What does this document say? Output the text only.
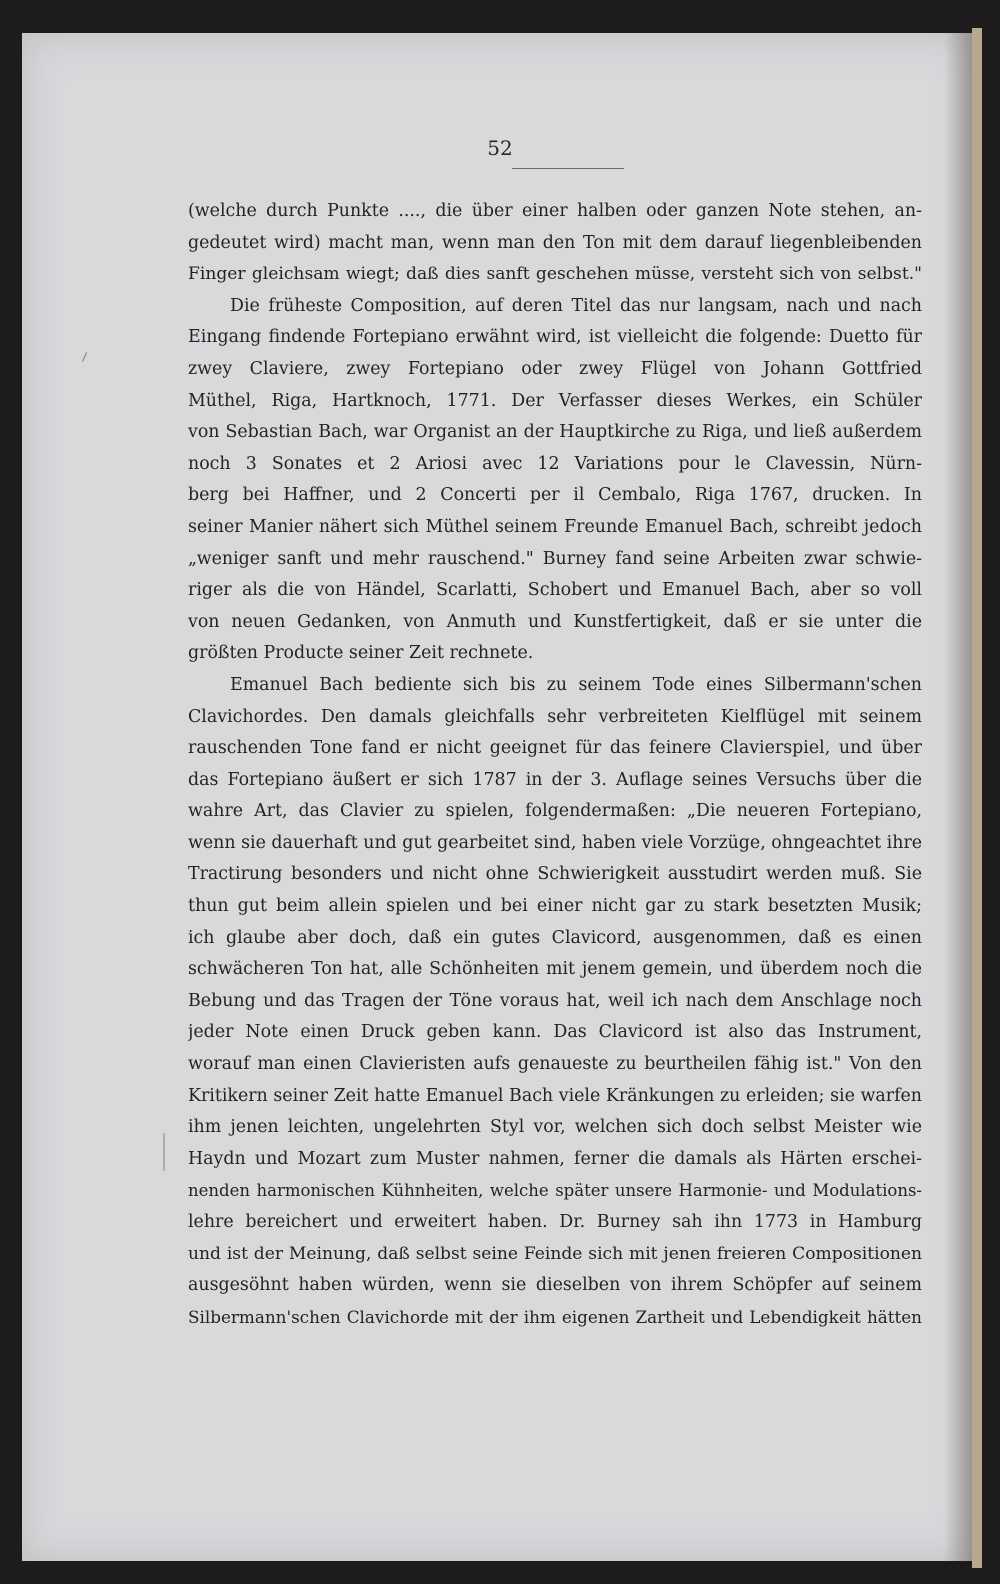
52
(welche durch Punkte ...., die über einer halben oder ganzen Note stehen, an-
gedeutet wird) macht man, wenn man den Ton mit dem darauf liegenbleibenden
Finger gleichsam wiegt; daß dies sanft geschehen müsse, versteht sich von selbst."
Die früheste Composition, auf deren Titel das nur langsam, nach und nach
Eingang findende Fortepiano erwähnt wird, ist vielleicht die folgende: Duetto für
zwey Claviere, zwey Fortepiano oder zwey Flügel von Johann Gottfried
Müthel, Riga, Hartknoch, 1771. Der Verfasser dieses Werkes, ein Schüler
von Sebastian Bach, war Organist an der Hauptkirche zu Riga, und ließ außerdem
noch 3 Sonates et 2 Ariosi avec 12 Variations pour le Clavessin, Nürn-
berg bei Haffner, und 2 Concerti per il Cembalo, Riga 1767, drucken. In
seiner Manier nähert sich Müthel seinem Freunde Emanuel Bach, schreibt jedoch
„weniger sanft und mehr rauschend." Burney fand seine Arbeiten zwar schwie-
riger als die von Händel, Scarlatti, Schobert und Emanuel Bach, aber so voll
von neuen Gedanken, von Anmuth und Kunstfertigkeit, daß er sie unter die
größten Producte seiner Zeit rechnete.
Emanuel Bach bediente sich bis zu seinem Tode eines Silbermann'schen
Clavichordes. Den damals gleichfalls sehr verbreiteten Kielflügel mit seinem
rauschenden Tone fand er nicht geeignet für das feinere Clavierspiel, und über
das Fortepiano äußert er sich 1787 in der 3. Auflage seines Versuchs über die
wahre Art, das Clavier zu spielen, folgendermaßen: „Die neueren Fortepiano,
wenn sie dauerhaft und gut gearbeitet sind, haben viele Vorzüge, ohngeachtet ihre
Tractirung besonders und nicht ohne Schwierigkeit ausstudirt werden muß. Sie
thun gut beim allein spielen und bei einer nicht gar zu stark besetzten Musik;
ich glaube aber doch, daß ein gutes Clavicord, ausgenommen, daß es einen
schwächeren Ton hat, alle Schönheiten mit jenem gemein, und überdem noch die
Bebung und das Tragen der Töne voraus hat, weil ich nach dem Anschlage noch
jeder Note einen Druck geben kann. Das Clavicord ist also das Instrument,
worauf man einen Clavieristen aufs genaueste zu beurtheilen fähig ist." Von den
Kritikern seiner Zeit hatte Emanuel Bach viele Kränkungen zu erleiden; sie warfen
ihm jenen leichten, ungelehrten Styl vor, welchen sich doch selbst Meister wie
Haydn und Mozart zum Muster nahmen, ferner die damals als Härten erschei-
nenden harmonischen Kühnheiten, welche später unsere Harmonie- und Modulations-
lehre bereichert und erweitert haben. Dr. Burney sah ihn 1773 in Hamburg
und ist der Meinung, daß selbst seine Feinde sich mit jenen freieren Compositionen
ausgesöhnt haben würden, wenn sie dieselben von ihrem Schöpfer auf seinem
Silbermann'schen Clavichorde mit der ihm eigenen Zartheit und Lebendigkeit hätten
